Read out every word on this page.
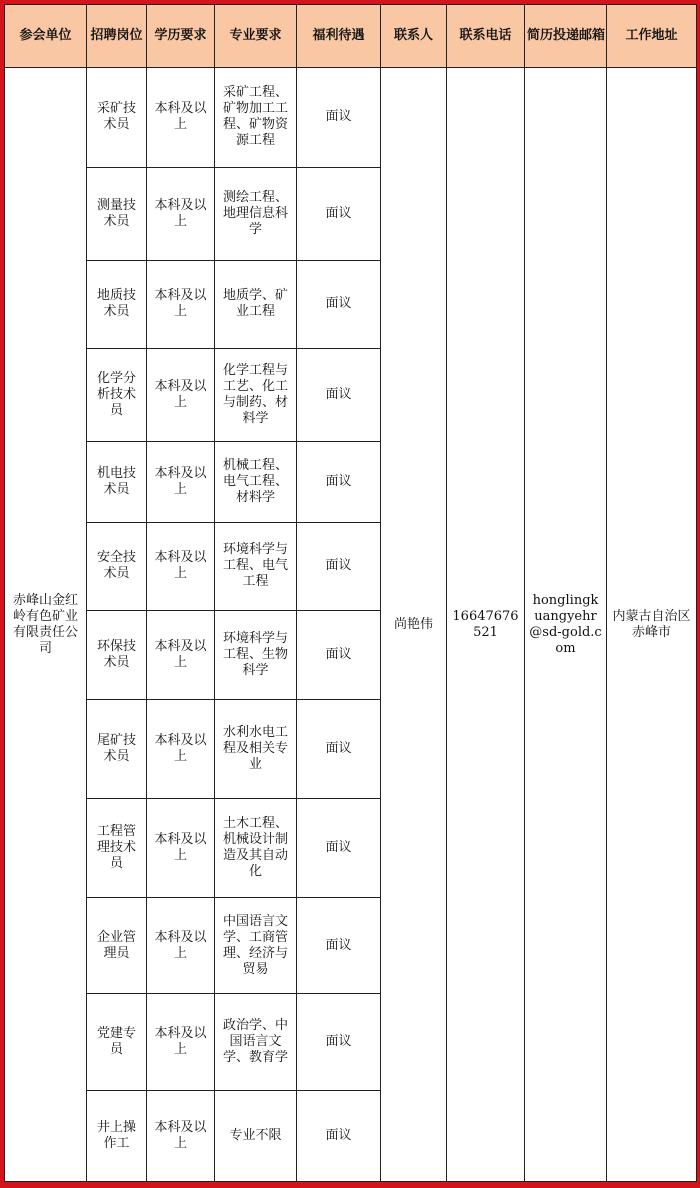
参会单位	招聘岗位	学历要求	专业要求	福利待遇	联系人	联系电话	简历投递邮箱	工作地址
赤峰山金红岭有色矿业有限责任公司	采矿技术员	本科及以上	采矿工程、矿物加工工程、矿物资源工程	面议	尚艳伟	16647676521	honglingkuangyehr@sd-gold.com	内蒙古自治区赤峰市
	测量技术员	本科及以上	测绘工程、地理信息科学	面议				
	地质技术员	本科及以上	地质学、矿业工程	面议				
	化学分析技术员	本科及以上	化学工程与工艺、化工与制药、材料学	面议				
	机电技术员	本科及以上	机械工程、电气工程、材料学	面议				
	安全技术员	本科及以上	环境科学与工程、电气工程	面议				
	环保技术员	本科及以上	环境科学与工程、生物科学	面议				
	尾矿技术员	本科及以上	水利水电工程及相关专业	面议				
	工程管理技术员	本科及以上	土木工程、机械设计制造及其自动化	面议				
	企业管理员	本科及以上	中国语言文学、工商管理、经济与贸易	面议				
	党建专员	本科及以上	政治学、中国语言文学、教育学	面议				
	井上操作工	本科及以上	专业不限	面议				
